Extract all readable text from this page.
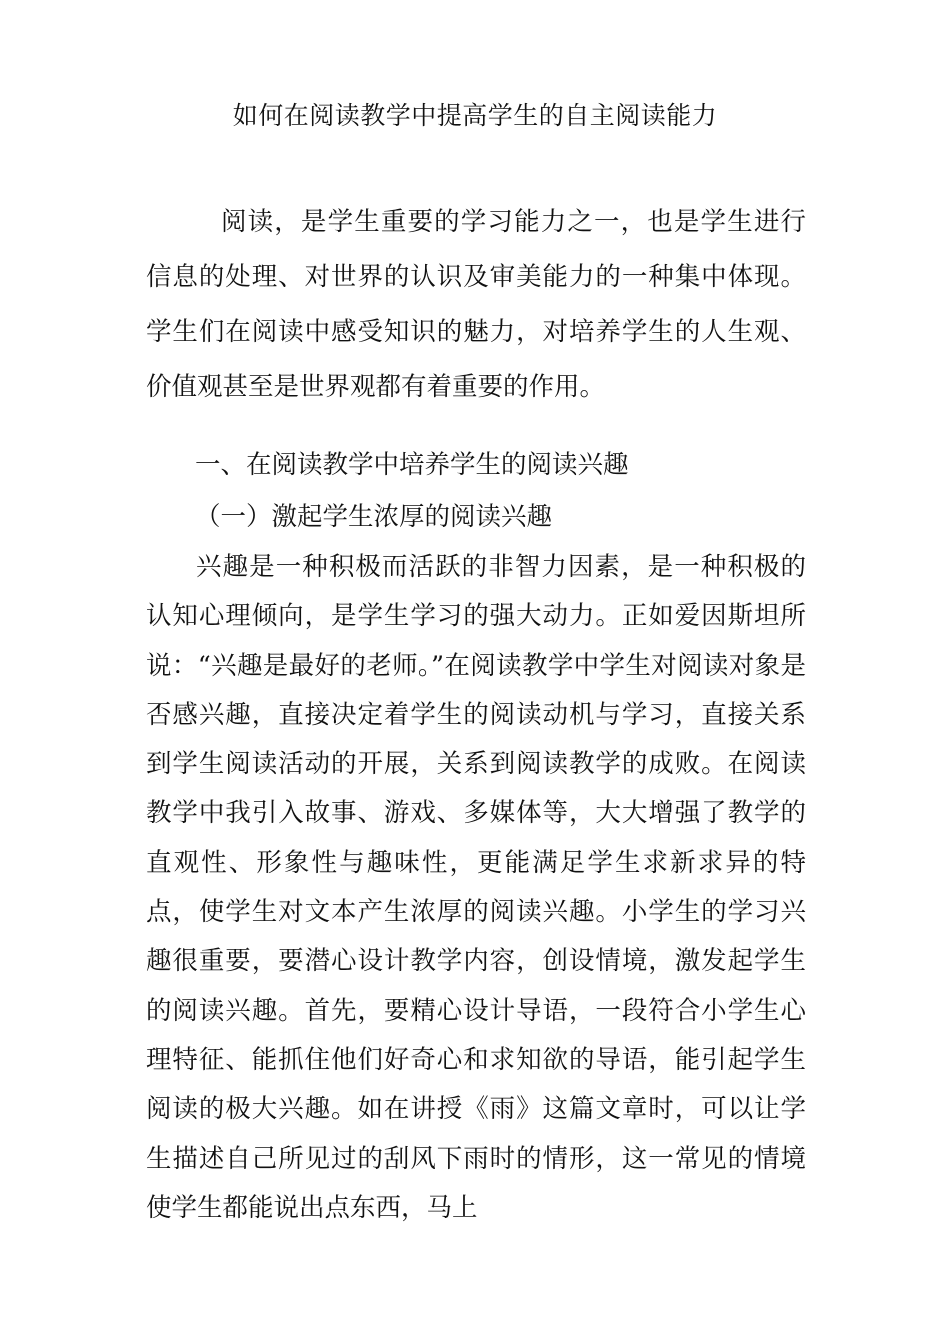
如何在阅读教学中提高学生的自主阅读能力

阅读，是学生重要的学习能力之一，也是学生进行信息的处理、对世界的认识及审美能力的一种集中体现。学生们在阅读中感受知识的魅力，对培养学生的人生观、价值观甚至是世界观都有着重要的作用。

一、在阅读教学中培养学生的阅读兴趣
（一）激起学生浓厚的阅读兴趣

兴趣是一种积极而活跃的非智力因素，是一种积极的认知心理倾向，是学生学习的强大动力。正如爱因斯坦所说：“兴趣是最好的老师。”在阅读教学中学生对阅读对象是否感兴趣，直接决定着学生的阅读动机与学习，直接关系到学生阅读活动的开展，关系到阅读教学的成败。在阅读教学中我引入故事、游戏、多媒体等，大大增强了教学的直观性、形象性与趣味性，更能满足学生求新求异的特点，使学生对文本产生浓厚的阅读兴趣。小学生的学习兴趣很重要，要潜心设计教学内容，创设情境，激发起学生的阅读兴趣。首先，要精心设计导语，一段符合小学生心理特征、能抓住他们好奇心和求知欲的导语，能引起学生阅读的极大兴趣。如在讲授《雨》这篇文章时，可以让学生描述自己所见过的刮风下雨时的情形，这一常见的情境使学生都能说出点东西，马上
